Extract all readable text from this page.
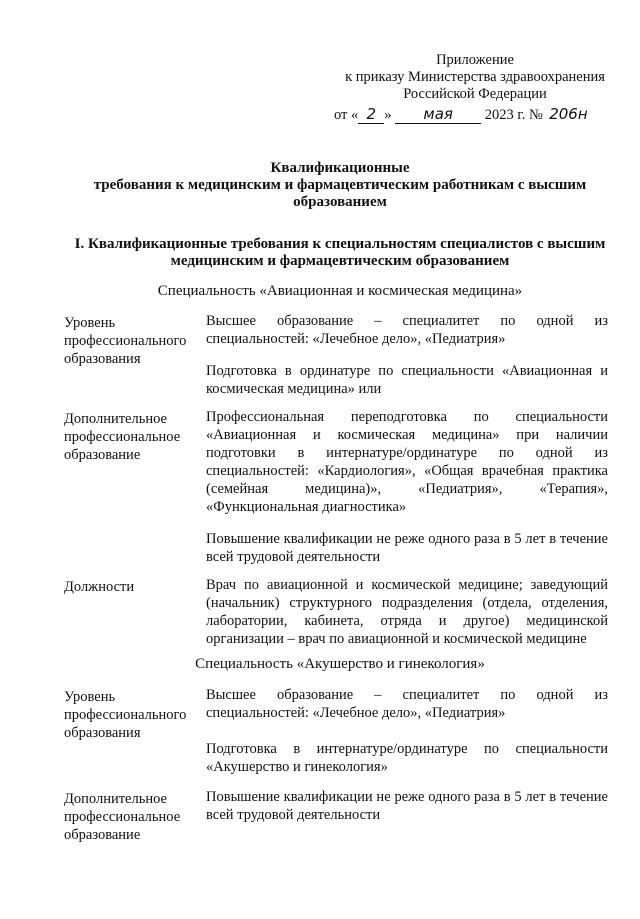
Приложение
к приказу Министерства здравоохранения
Российской Федерации
от « 2 » мая 2023 г. № 206н
Квалификационные
требования к медицинским и фармацевтическим работникам с высшим
образованием
I. Квалификационные требования к специальностям специалистов с высшим
медицинским и фармацевтическим образованием
Специальность «Авиационная и космическая медицина»
Уровень профессионального образования
Высшее образование – специалитет по одной из специальностей: «Лечебное дело», «Педиатрия»
Подготовка в ординатуре по специальности «Авиационная и космическая медицина» или
Дополнительное профессиональное образование
Профессиональная переподготовка по специальности «Авиационная и космическая медицина» при наличии подготовки в интернатуре/ординатуре по одной из специальностей: «Кардиология», «Общая врачебная практика (семейная медицина)», «Педиатрия», «Терапия», «Функциональная диагностика»
Повышение квалификации не реже одного раза в 5 лет в течение всей трудовой деятельности
Должности	Врач по авиационной и космической медицине; заведующий (начальник) структурного подразделения (отдела, отделения, лаборатории, кабинета, отряда и другое) медицинской организации – врач по авиационной и космической медицине
Специальность «Акушерство и гинекология»
Уровень профессионального образования
Высшее образование – специалитет по одной из специальностей: «Лечебное дело», «Педиатрия»
Подготовка в интернатуре/ординатуре по специальности «Акушерство и гинекология»
Дополнительное профессиональное образование
Повышение квалификации не реже одного раза в 5 лет в течение всей трудовой деятельности
